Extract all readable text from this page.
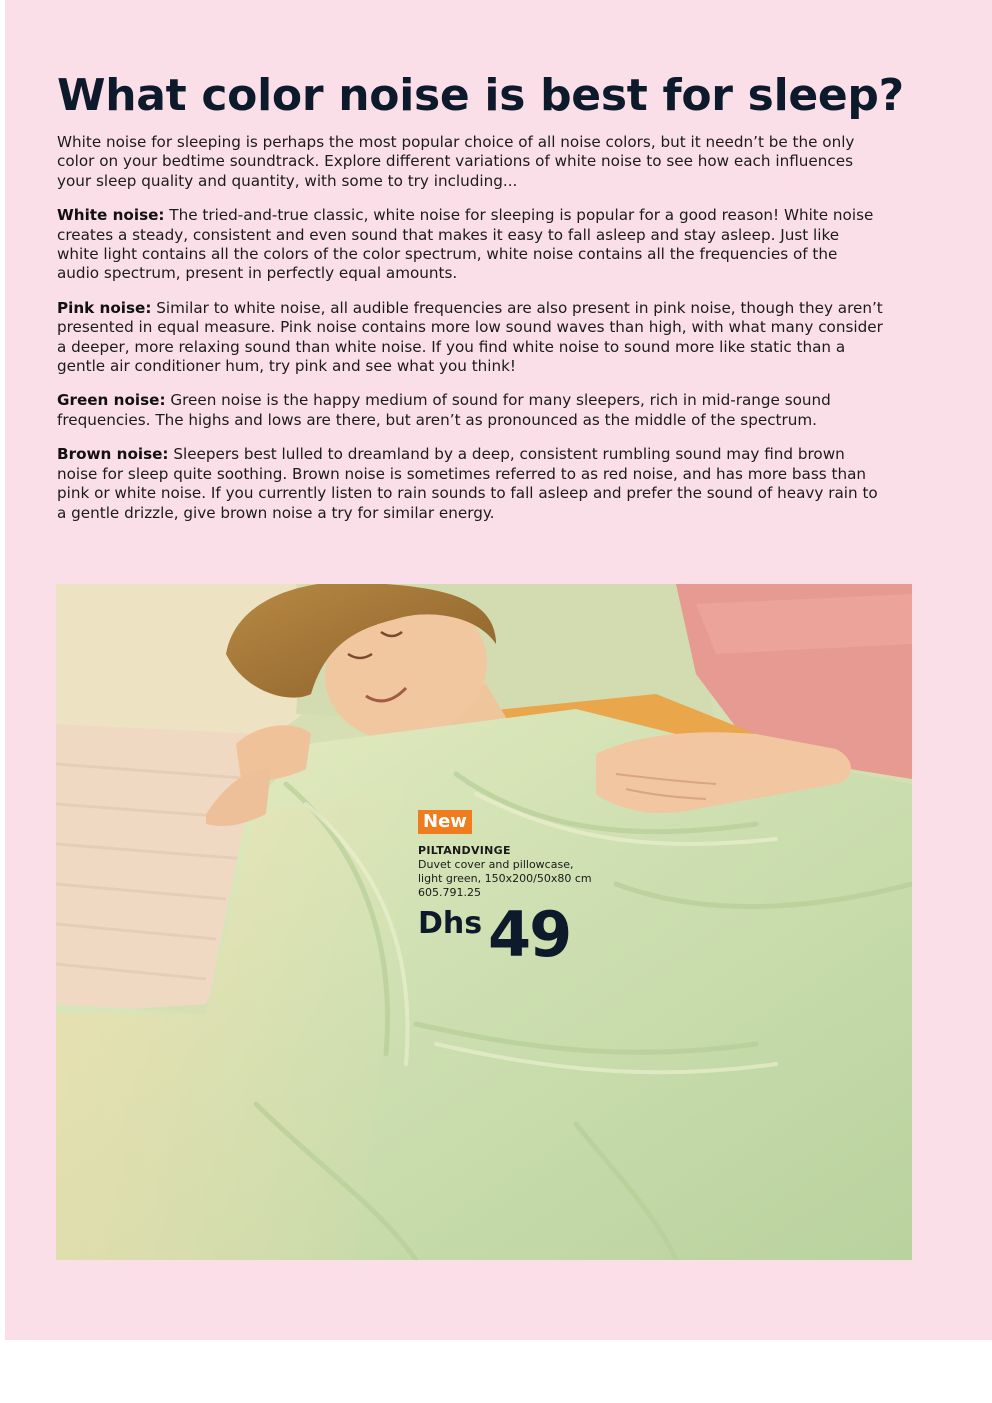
What color noise is best for sleep?

White noise for sleeping is perhaps the most popular choice of all noise colors, but it needn’t be the only color on your bedtime soundtrack. Explore different variations of white noise to see how each influences your sleep quality and quantity, with some to try including...

White noise: The tried-and-true classic, white noise for sleeping is popular for a good reason! White noise creates a steady, consistent and even sound that makes it easy to fall asleep and stay asleep. Just like white light contains all the colors of the color spectrum, white noise contains all the frequencies of the audio spectrum, present in perfectly equal amounts.

Pink noise: Similar to white noise, all audible frequencies are also present in pink noise, though they aren’t presented in equal measure. Pink noise contains more low sound waves than high, with what many consider a deeper, more relaxing sound than white noise. If you find white noise to sound more like static than a gentle air conditioner hum, try pink and see what you think!

Green noise: Green noise is the happy medium of sound for many sleepers, rich in mid-range sound frequencies. The highs and lows are there, but aren’t as pronounced as the middle of the spectrum.

Brown noise: Sleepers best lulled to dreamland by a deep, consistent rumbling sound may find brown noise for sleep quite soothing. Brown noise is sometimes referred to as red noise, and has more bass than pink or white noise. If you currently listen to rain sounds to fall asleep and prefer the sound of heavy rain to a gentle drizzle, give brown noise a try for similar energy.

New
PILTANDVINGE
Duvet cover and pillowcase,
light green, 150x200/50x80 cm
605.791.25
Dhs 49
